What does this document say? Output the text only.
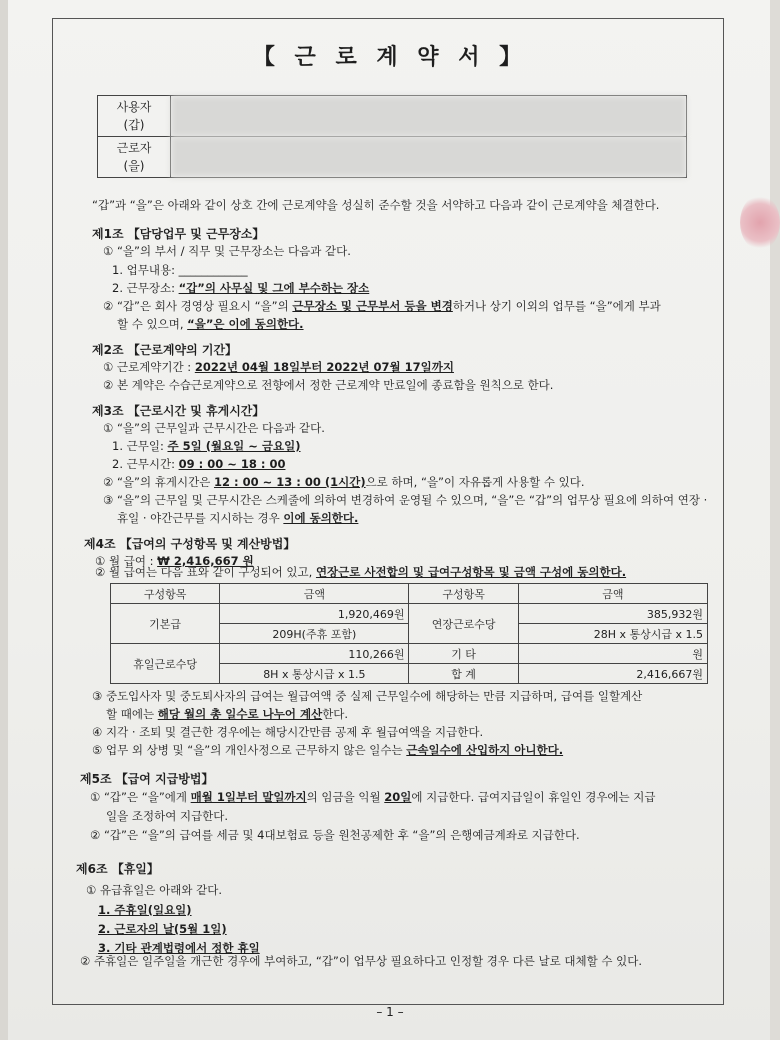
【 근 로 계 약 서 】
사용자
(갑)	
근로자
(을)	
“갑”과 “을”은 아래와 같이 상호 간에 근로계약을 성실히 준수할 것을 서약하고 다음과 같이 근로계약을 체결한다.
제1조 【담당업무 및 근무장소】
① “을”의 부서 / 직무 및 근무장소는 다음과 같다.
1. 업무내용: ____________
2. 근무장소: “갑”의 사무실 및 그에 부수하는 장소
② “갑”은 회사 경영상 필요시 “을”의 근무장소 및 근무부서 등을 변경하거나 상기 이외의 업무를 “을”에게 부과
할 수 있으며, “을”은 이에 동의한다.
제2조 【근로계약의 기간】
① 근로계약기간 : 2022년 04월 18일부터 2022년 07월 17일까지
② 본 계약은 수습근로계약으로 전향에서 정한 근로계약 만료일에 종료함을 원칙으로 한다.
제3조 【근로시간 및 휴게시간】
① “을”의 근무일과 근무시간은 다음과 같다.
1. 근무일: 주 5일 (월요일 ~ 금요일)
2. 근무시간: 09 : 00 ~ 18 : 00
② “을”의 휴게시간은 12 : 00 ~ 13 : 00 (1시간)으로 하며, “을”이 자유롭게 사용할 수 있다.
③ “을”의 근무일 및 근무시간은 스케줄에 의하여 변경하여 운영될 수 있으며, “을”은 “갑”의 업무상 필요에 의하여 연장 ·
휴일 · 야간근무를 지시하는 경우 이에 동의한다.
제4조 【급여의 구성항목 및 계산방법】
① 월 급여 : ₩ 2,416,667 원
② 월 급여는 다음 표와 같이 구성되어 있고, 연장근로 사전합의 및 급여구성항목 및 금액 구성에 동의한다.
구성항목	금액	구성항목	금액
기본급	1,920,469원	연장근로수당	385,932원
	209H(주휴 포함)		28H x 통상시급 x 1.5
휴일근로수당	110,266원	기 타	원
	8H x 통상시급 x 1.5	합 계	2,416,667원
③ 중도입사자 및 중도퇴사자의 급여는 월급여액 중 실제 근무일수에 해당하는 만큼 지급하며, 급여를 일할계산
할 때에는 해당 월의 총 일수로 나누어 계산한다.
④ 지각 · 조퇴 및 결근한 경우에는 해당시간만큼 공제 후 월급여액을 지급한다.
⑤ 업무 외 상병 및 “을”의 개인사정으로 근무하지 않은 일수는 근속일수에 산입하지 아니한다.
제5조 【급여 지급방법】
① “갑”은 “을”에게 매월 1일부터 말일까지의 임금을 익월 20일에 지급한다. 급여지급일이 휴일인 경우에는 지급
일을 조정하여 지급한다.
② “갑”은 “을”의 급여를 세금 및 4대보험료 등을 원천공제한 후 “을”의 은행예금계좌로 지급한다.
제6조 【휴일】
① 유급휴일은 아래와 같다.
1. 주휴일(일요일)
2. 근로자의 날(5월 1일)
3. 기타 관계법령에서 정한 휴일
② 주휴일은 일주일을 개근한 경우에 부여하고, “갑”이 업무상 필요하다고 인정할 경우 다른 날로 대체할 수 있다.
– 1 –
